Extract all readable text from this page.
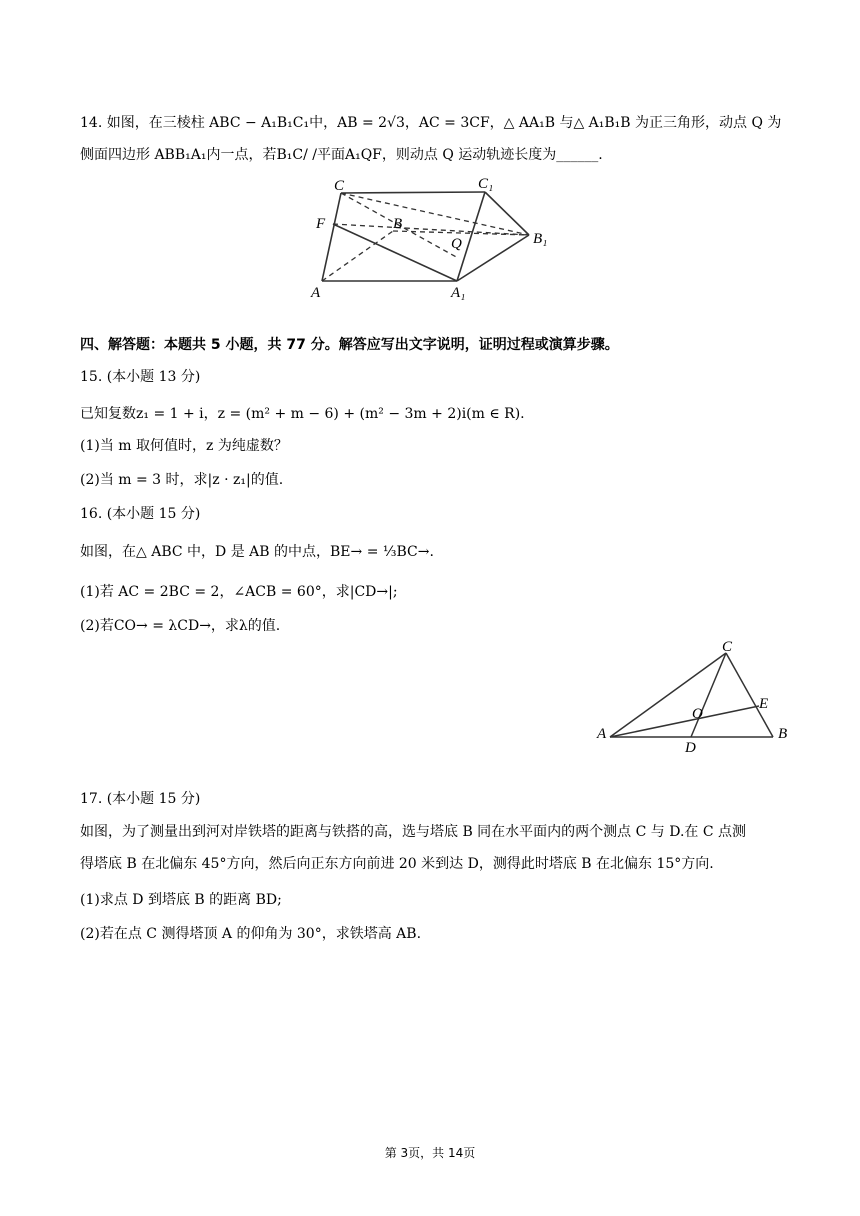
14. 如图，在三棱柱 ABC − A₁B₁C₁中，AB = 2√3，AC = 3CF，△ AA₁B 与△ A₁B₁B 为正三角形，动点 Q 为
侧面四边形 ABB₁A₁内一点，若B₁C/ /平面A₁QF，则动点 Q 运动轨迹长度为______.
C	C₁
F	B
Q	B₁
A	A₁
C
E
O
A
D
B
四、解答题：本题共 5 小题，共 77 分。解答应写出文字说明，证明过程或演算步骤。
15. (本小题 13 分)
已知复数z₁ = 1 + i，z = (m² + m − 6) + (m² − 3m + 2)i(m ∈ R).
(1)当 m 取何值时，z 为纯虚数？
(2)当 m = 3 时，求|z · z₁|的值.
16. (本小题 15 分)
如图，在△ ABC 中，D 是 AB 的中点，BE→ = ⅓BC→.
(1)若 AC = 2BC = 2，∠ACB = 60°，求|CD→|;
(2)若CO→ = λCD→，求λ的值.
17. (本小题 15 分)
如图，为了测量出到河对岸铁塔的距离与铁搭的高，选与塔底 B 同在水平面内的两个测点 C 与 D.在 C 点测
得塔底 B 在北偏东 45°方向，然后向正东方向前进 20 米到达 D，测得此时塔底 B 在北偏东 15°方向.
(1)求点 D 到塔底 B 的距离 BD;
(2)若在点 C 测得塔顶 A 的仰角为 30°，求铁塔高 AB.
第 3页，共 14页
